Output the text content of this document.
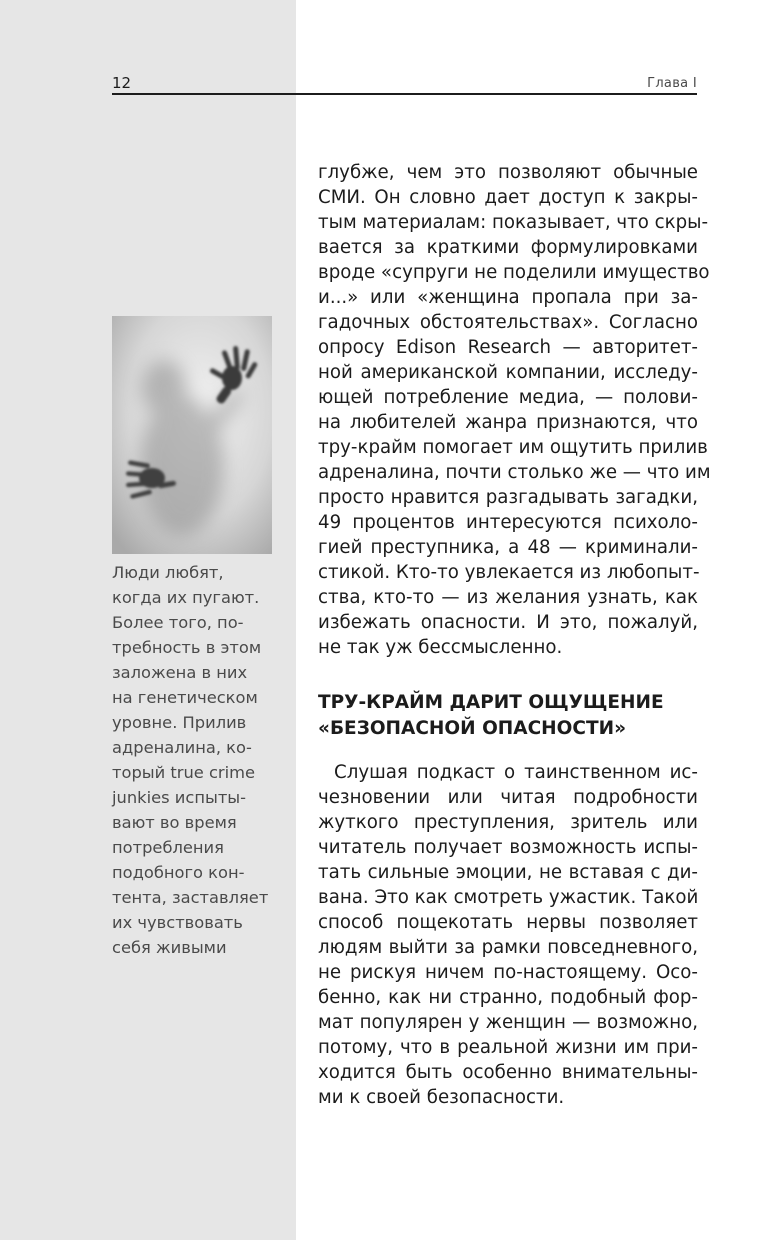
12	Глава I
Люди любят,
когда их пугают.
Более того, по-
требность в этом
заложена в них
на генетическом
уровне. Прилив
адреналина, ко-
торый true crime
junkies испыты-
вают во время
потребления
подобного кон-
тента, заставляет
их чувствовать
себя живыми
глубже, чем это позволяют обычные
СМИ. Он словно дает доступ к закры-
тым материалам: показывает, что скры-
вается за краткими формулировками
вроде «супруги не поделили имущество
и...» или «женщина пропала при за-
гадочных обстоятельствах». Согласно
опросу Edison Research — авторитет-
ной американской компании, исследу-
ющей потребление медиа, — полови-
на любителей жанра признаются, что
тру-крайм помогает им ощутить прилив
адреналина, почти столько же — что им
просто нравится разгадывать загадки,
49 процентов интересуются психоло-
гией преступника, а 48 — криминали-
стикой. Кто-то увлекается из любопыт-
ства, кто-то — из желания узнать, как
избежать опасности. И это, пожалуй,
не так уж бессмысленно.
ТРУ-КРАЙМ ДАРИТ ОЩУЩЕНИЕ
«БЕЗОПАСНОЙ ОПАСНОСТИ»
Слушая подкаст о таинственном ис-
чезновении или читая подробности
жуткого преступления, зритель или
читатель получает возможность испы-
тать сильные эмоции, не вставая с ди-
вана. Это как смотреть ужастик. Такой
способ пощекотать нервы позволяет
людям выйти за рамки повседневного,
не рискуя ничем по-настоящему. Осо-
бенно, как ни странно, подобный фор-
мат популярен у женщин — возможно,
потому, что в реальной жизни им при-
ходится быть особенно внимательны-
ми к своей безопасности.
